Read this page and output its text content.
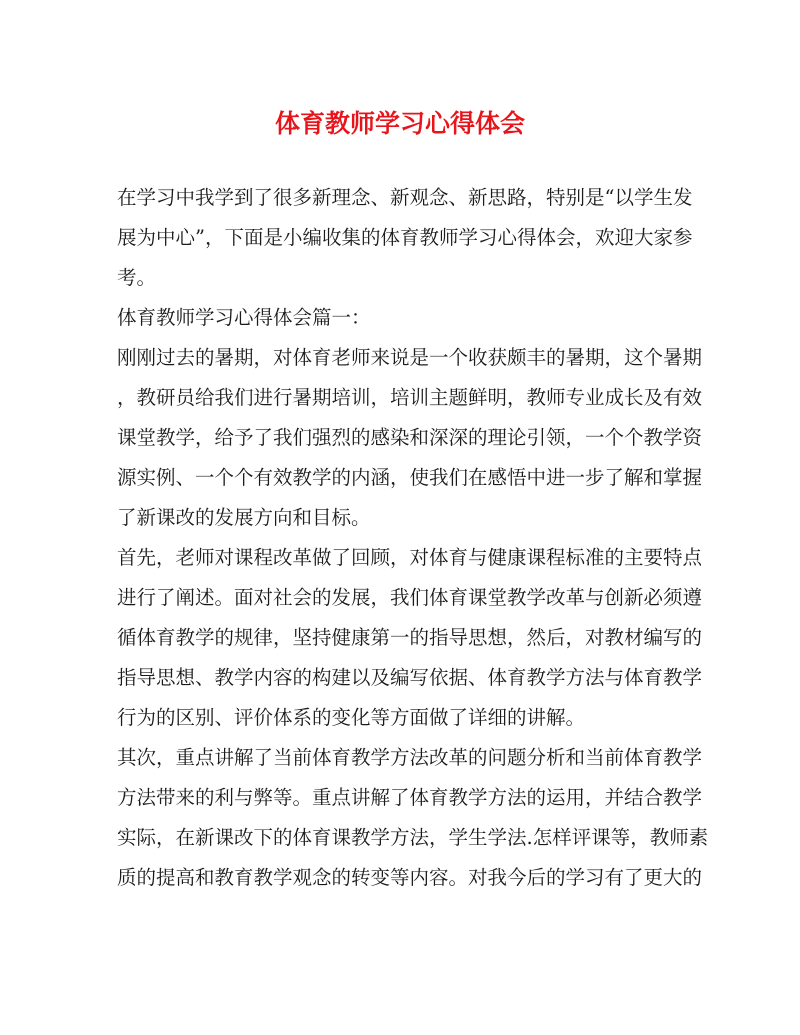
体育教师学习心得体会
在学习中我学到了很多新理念、新观念、新思路，特别是“以学生发
展为中心”，下面是小编收集的体育教师学习心得体会，欢迎大家参
考。
体育教师学习心得体会篇一：
刚刚过去的暑期，对体育老师来说是一个收获颇丰的暑期，这个暑期
，教研员给我们进行暑期培训，培训主题鲜明，教师专业成长及有效
课堂教学，给予了我们强烈的感染和深深的理论引领，一个个教学资
源实例、一个个有效教学的内涵，使我们在感悟中进一步了解和掌握
了新课改的发展方向和目标。
首先，老师对课程改革做了回顾，对体育与健康课程标准的主要特点
进行了阐述。面对社会的发展，我们体育课堂教学改革与创新必须遵
循体育教学的规律，坚持健康第一的指导思想，然后，对教材编写的
指导思想、教学内容的构建以及编写依据、体育教学方法与体育教学
行为的区别、评价体系的变化等方面做了详细的讲解。
其次，重点讲解了当前体育教学方法改革的问题分析和当前体育教学
方法带来的利与弊等。重点讲解了体育教学方法的运用，并结合教学
实际，在新课改下的体育课教学方法，学生学法.怎样评课等，教师素
质的提高和教育教学观念的转变等内容。对我今后的学习有了更大的
